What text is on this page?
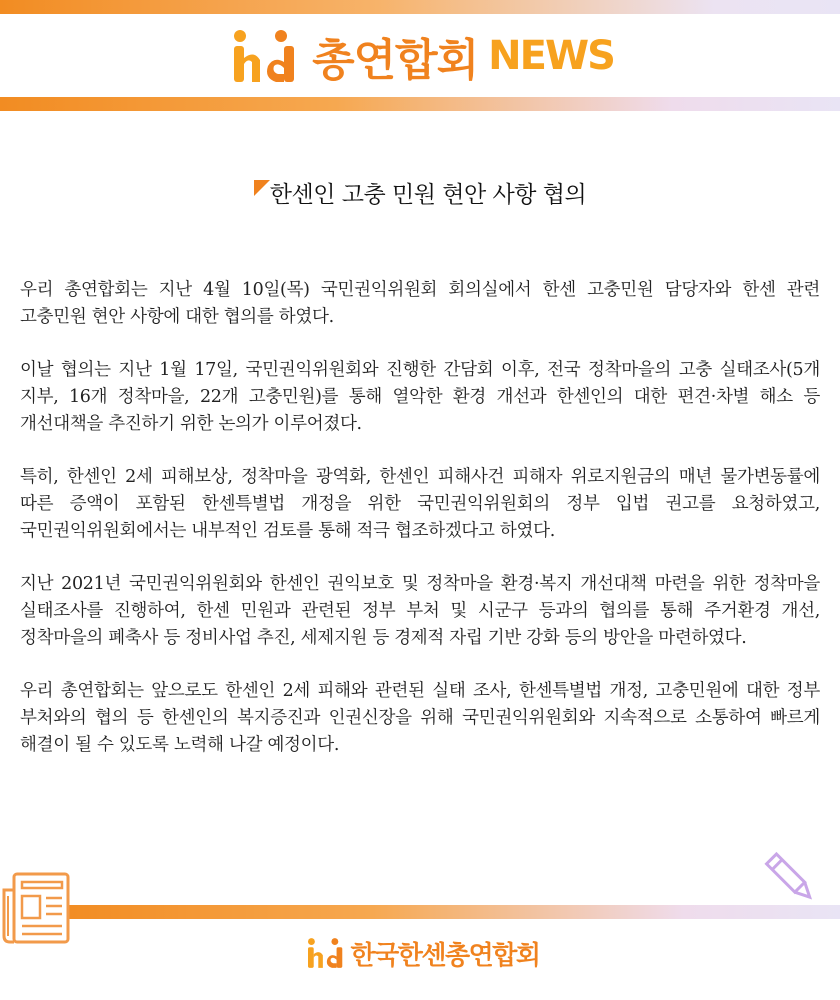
총연합회 NEWS
한센인 고충 민원 현안 사항 협의

우리 총연합회는 지난 4월 10일(목) 국민권익위원회 회의실에서 한센 고충민원 담당자와 한센 관련 고충민원 현안 사항에 대한 협의를 하였다.

이날 협의는 지난 1월 17일, 국민권익위원회와 진행한 간담회 이후, 전국 정착마을의 고충 실태조사(5개 지부, 16개 정착마을, 22개 고충민원)를 통해 열악한 환경 개선과 한센인의 대한 편견·차별 해소 등 개선대책을 추진하기 위한 논의가 이루어졌다.

특히, 한센인 2세 피해보상, 정착마을 광역화, 한센인 피해사건 피해자 위로지원금의 매년 물가변동률에 따른 증액이 포함된 한센특별법 개정을 위한 국민권익위원회의 정부 입법 권고를 요청하였고, 국민권익위원회에서는 내부적인 검토를 통해 적극 협조하겠다고 하였다.

지난 2021년 국민권익위원회와 한센인 권익보호 및 정착마을 환경·복지 개선대책 마련을 위한 정착마을 실태조사를 진행하여, 한센 민원과 관련된 정부 부처 및 시군구 등과의 협의를 통해 주거환경 개선, 정착마을의 폐축사 등 정비사업 추진, 세제지원 등 경제적 자립 기반 강화 등의 방안을 마련하였다.

우리 총연합회는 앞으로도 한센인 2세 피해와 관련된 실태 조사, 한센특별법 개정, 고충민원에 대한 정부 부처와의 협의 등 한센인의 복지증진과 인권신장을 위해 국민권익위원회와 지속적으로 소통하여 빠르게 해결이 될 수 있도록 노력해 나갈 예정이다.

한국한센총연합회
